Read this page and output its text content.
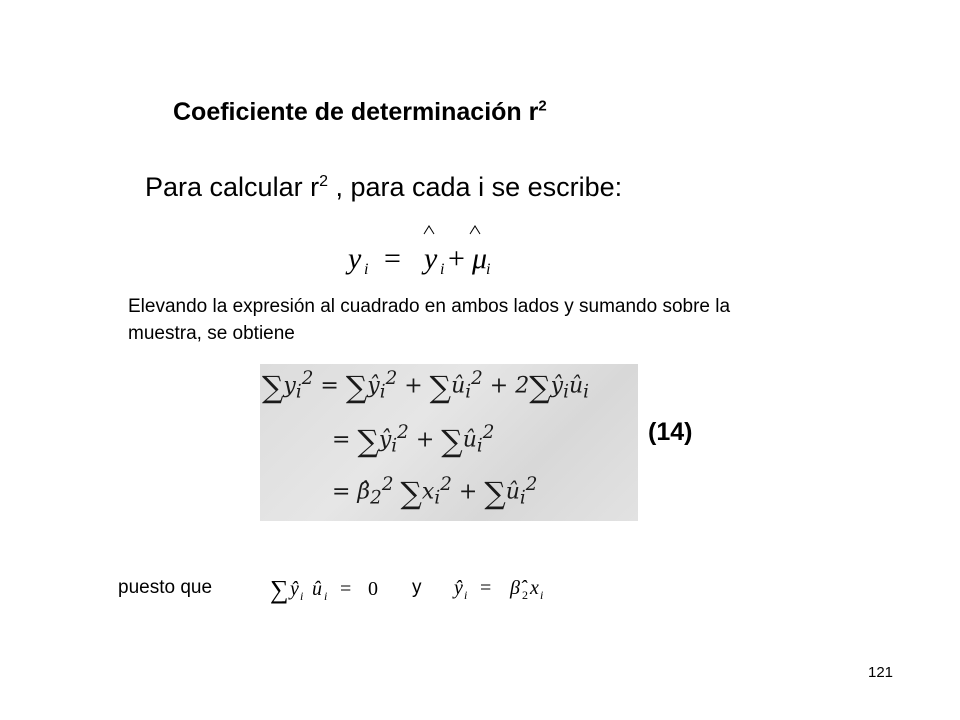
Coeficiente de determinación $r^2$
Para calcular $r^2$ , para cada i se escribe:
y i = y i + μ
i
Elevando la expresión al cuadrado en ambos lados y sumando sobre la muestra, se obtiene
$\sum y_i^2$ = $\sum ŷ_i^2$ + $\sum û_i^2$ + $2\sum ŷ_iû_i$
= $\sum ŷ_i^2$ + $\sum û_i^2$
= $\betâ_2^2$ $\sum x_i^2$ + $\sum û_i^2$
(14)
puesto que ∑ ŷ i û i = 0 y ŷ i = β̂ 2 x i
121
